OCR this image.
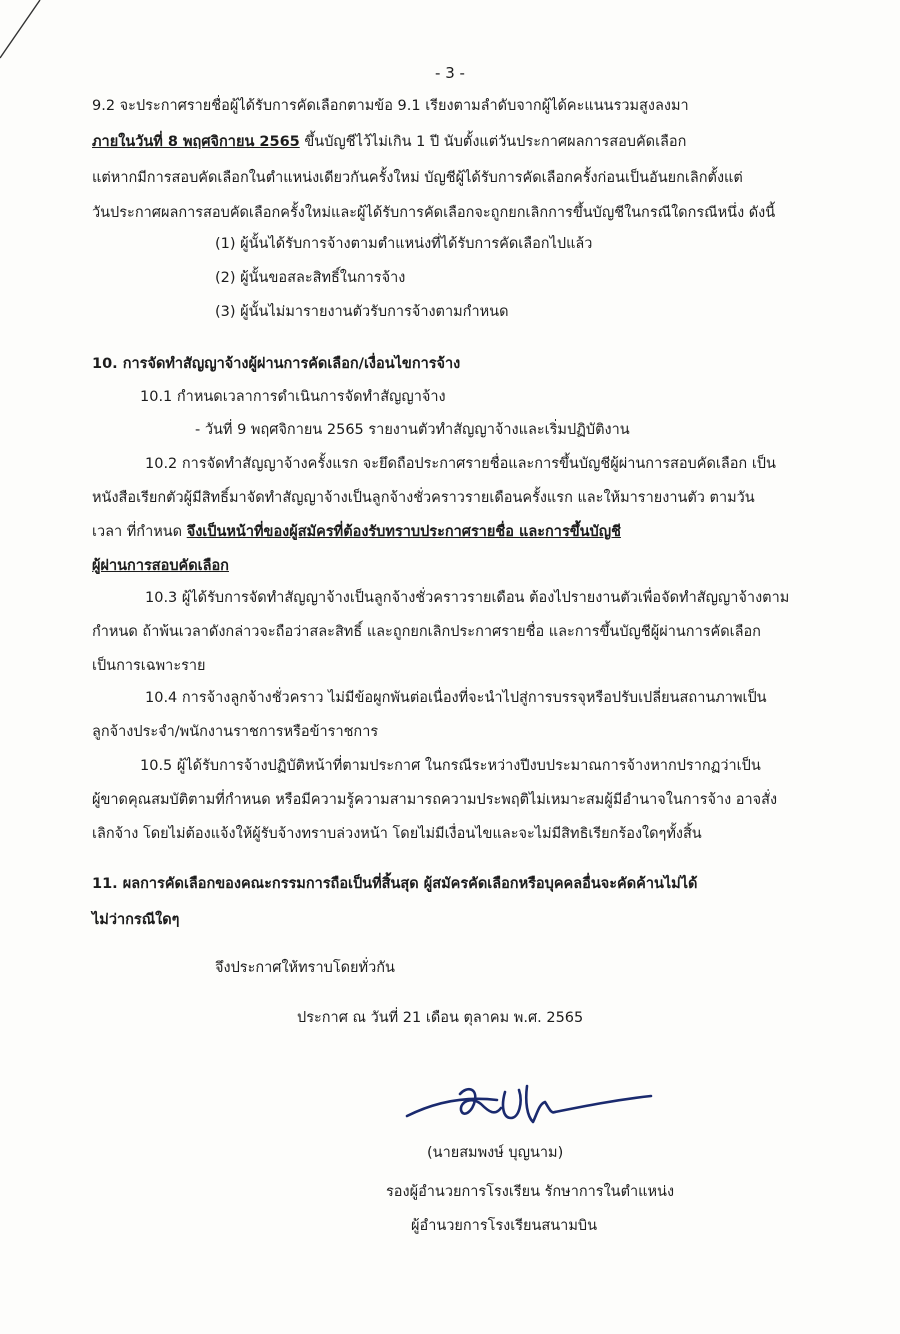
- 3 -
9.2 จะประกาศรายชื่อผู้ได้รับการคัดเลือกตามข้อ 9.1 เรียงตามลำดับจากผู้ได้คะแนนรวมสูงลงมา
ภายในวันที่ 8 พฤศจิกายน 2565 ขึ้นบัญชีไว้ไม่เกิน 1 ปี นับตั้งแต่วันประกาศผลการสอบคัดเลือก
แต่หากมีการสอบคัดเลือกในตำแหน่งเดียวกันครั้งใหม่ บัญชีผู้ได้รับการคัดเลือกครั้งก่อนเป็นอันยกเลิกตั้งแต่
วันประกาศผลการสอบคัดเลือกครั้งใหม่และผู้ได้รับการคัดเลือกจะถูกยกเลิกการขึ้นบัญชีในกรณีใดกรณีหนึ่ง ดังนี้
(1) ผู้นั้นได้รับการจ้างตามตำแหน่งที่ได้รับการคัดเลือกไปแล้ว
(2) ผู้นั้นขอสละสิทธิ์ในการจ้าง
(3) ผู้นั้นไม่มารายงานตัวรับการจ้างตามกำหนด
10. การจัดทำสัญญาจ้างผู้ผ่านการคัดเลือก/เงื่อนไขการจ้าง
10.1 กำหนดเวลาการดำเนินการจัดทำสัญญาจ้าง
- วันที่ 9 พฤศจิกายน 2565 รายงานตัวทำสัญญาจ้างและเริ่มปฏิบัติงาน
10.2 การจัดทำสัญญาจ้างครั้งแรก จะยึดถือประกาศรายชื่อและการขึ้นบัญชีผู้ผ่านการสอบคัดเลือก เป็น
หนังสือเรียกตัวผู้มีสิทธิ์มาจัดทำสัญญาจ้างเป็นลูกจ้างชั่วคราวรายเดือนครั้งแรก และให้มารายงานตัว ตามวัน
เวลา ที่กำหนด จึงเป็นหน้าที่ของผู้สมัครที่ต้องรับทราบประกาศรายชื่อ และการขึ้นบัญชี
ผู้ผ่านการสอบคัดเลือก
10.3 ผู้ได้รับการจัดทำสัญญาจ้างเป็นลูกจ้างชั่วคราวรายเดือน ต้องไปรายงานตัวเพื่อจัดทำสัญญาจ้างตาม
กำหนด ถ้าพ้นเวลาดังกล่าวจะถือว่าสละสิทธิ์ และถูกยกเลิกประกาศรายชื่อ และการขึ้นบัญชีผู้ผ่านการคัดเลือก
เป็นการเฉพาะราย
10.4 การจ้างลูกจ้างชั่วคราว ไม่มีข้อผูกพันต่อเนื่องที่จะนำไปสู่การบรรจุหรือปรับเปลี่ยนสถานภาพเป็น
ลูกจ้างประจำ/พนักงานราชการหรือข้าราชการ
10.5 ผู้ได้รับการจ้างปฏิบัติหน้าที่ตามประกาศ ในกรณีระหว่างปีงบประมาณการจ้างหากปรากฏว่าเป็น
ผู้ขาดคุณสมบัติตามที่กำหนด หรือมีความรู้ความสามารถความประพฤติไม่เหมาะสมผู้มีอำนาจในการจ้าง อาจสั่ง
เลิกจ้าง โดยไม่ต้องแจ้งให้ผู้รับจ้างทราบล่วงหน้า โดยไม่มีเงื่อนไขและจะไม่มีสิทธิเรียกร้องใดๆทั้งสิ้น
11. ผลการคัดเลือกของคณะกรรมการถือเป็นที่สิ้นสุด ผู้สมัครคัดเลือกหรือบุคคลอื่นจะคัดค้านไม่ได้
ไม่ว่ากรณีใดๆ
จึงประกาศให้ทราบโดยทั่วกัน
ประกาศ ณ วันที่ 21 เดือน ตุลาคม พ.ศ. 2565
(นายสมพงษ์ บุญนาม)
รองผู้อำนวยการโรงเรียน รักษาการในตำแหน่ง
ผู้อำนวยการโรงเรียนสนามบิน
